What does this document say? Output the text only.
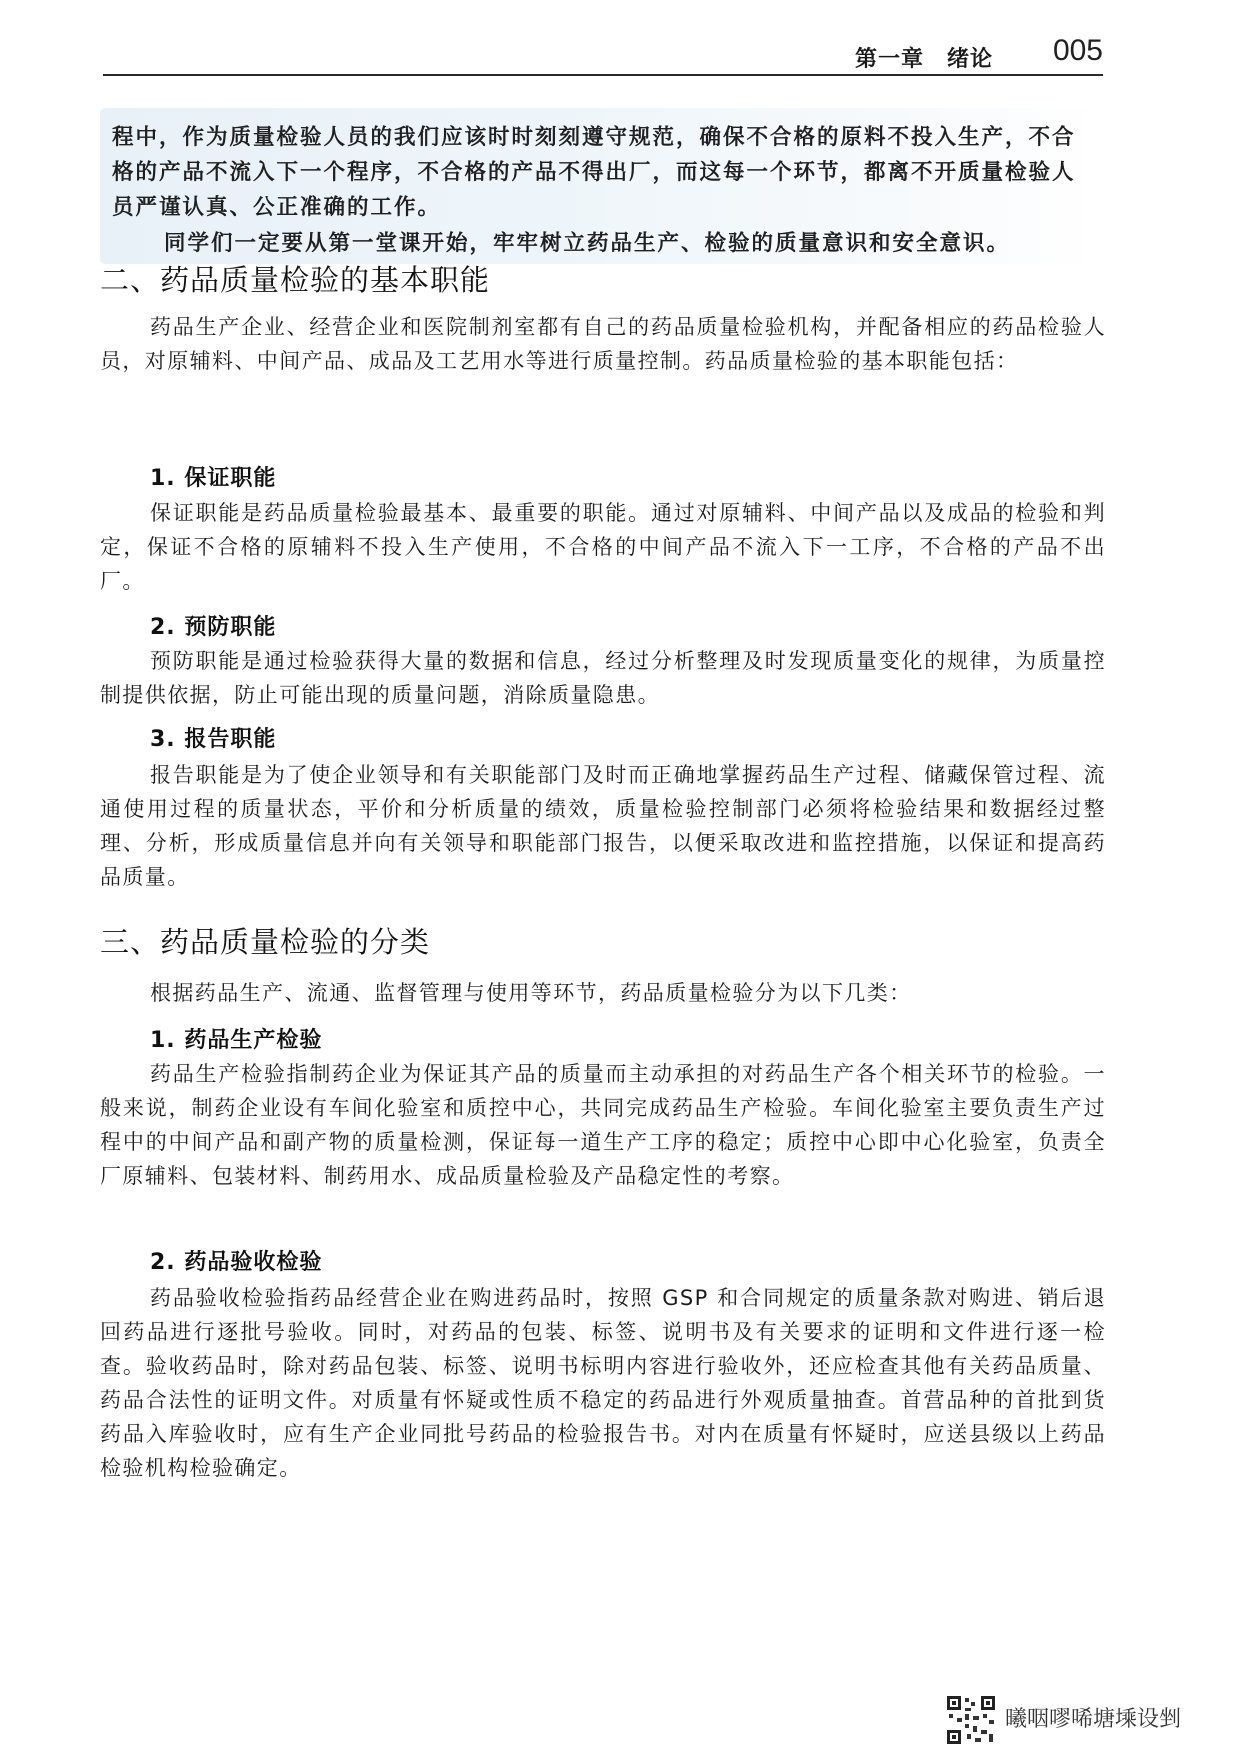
第一章　绪论 005

程中，作为质量检验人员的我们应该时时刻刻遵守规范，确保不合格的原料不投入生产，不合格的产品不流入下一个程序，不合格的产品不得出厂，而这每一个环节，都离不开质量检验人员严谨认真、公正准确的工作。

同学们一定要从第一堂课开始，牢牢树立药品生产、检验的质量意识和安全意识。

二、药品质量检验的基本职能

药品生产企业、经营企业和医院制剂室都有自己的药品质量检验机构，并配备相应的药品检验人员，对原辅料、中间产品、成品及工艺用水等进行质量控制。药品质量检验的基本职能包括：

1. 保证职能

保证职能是药品质量检验最基本、最重要的职能。通过对原辅料、中间产品以及成品的检验和判定，保证不合格的原辅料不投入生产使用，不合格的中间产品不流入下一工序，不合格的产品不出厂。

2. 预防职能

预防职能是通过检验获得大量的数据和信息，经过分析整理及时发现质量变化的规律，为质量控制提供依据，防止可能出现的质量问题，消除质量隐患。

3. 报告职能

报告职能是为了使企业领导和有关职能部门及时而正确地掌握药品生产过程、储藏保管过程、流通使用过程的质量状态，平价和分析质量的绩效，质量检验控制部门必须将检验结果和数据经过整理、分析，形成质量信息并向有关领导和职能部门报告，以便采取改进和监控措施，以保证和提高药品质量。

三、药品质量检验的分类

根据药品生产、流通、监督管理与使用等环节，药品质量检验分为以下几类：

1. 药品生产检验

药品生产检验指制药企业为保证其产品的质量而主动承担的对药品生产各个相关环节的检验。一般来说，制药企业设有车间化验室和质控中心，共同完成药品生产检验。车间化验室主要负责生产过程中的中间产品和副产物的质量检测，保证每一道生产工序的稳定；质控中心即中心化验室，负责全厂原辅料、包装材料、制药用水、成品质量检验及产品稳定性的考察。

2. 药品验收检验

药品验收检验指药品经营企业在购进药品时，按照 GSP 和合同规定的质量条款对购进、销后退回药品进行逐批号验收。同时，对药品的包装、标签、说明书及有关要求的证明和文件进行逐一检查。验收药品时，除对药品包装、标签、说明书标明内容进行验收外，还应检查其他有关药品质量、药品合法性的证明文件。对质量有怀疑或性质不稳定的药品进行外观质量抽查。首营品种的首批到货药品入库验收时，应有生产企业同批号药品的检验报告书。对内在质量有怀疑时，应送县级以上药品检验机构检验确定。

曦咽嘐唏塘塖设剉
